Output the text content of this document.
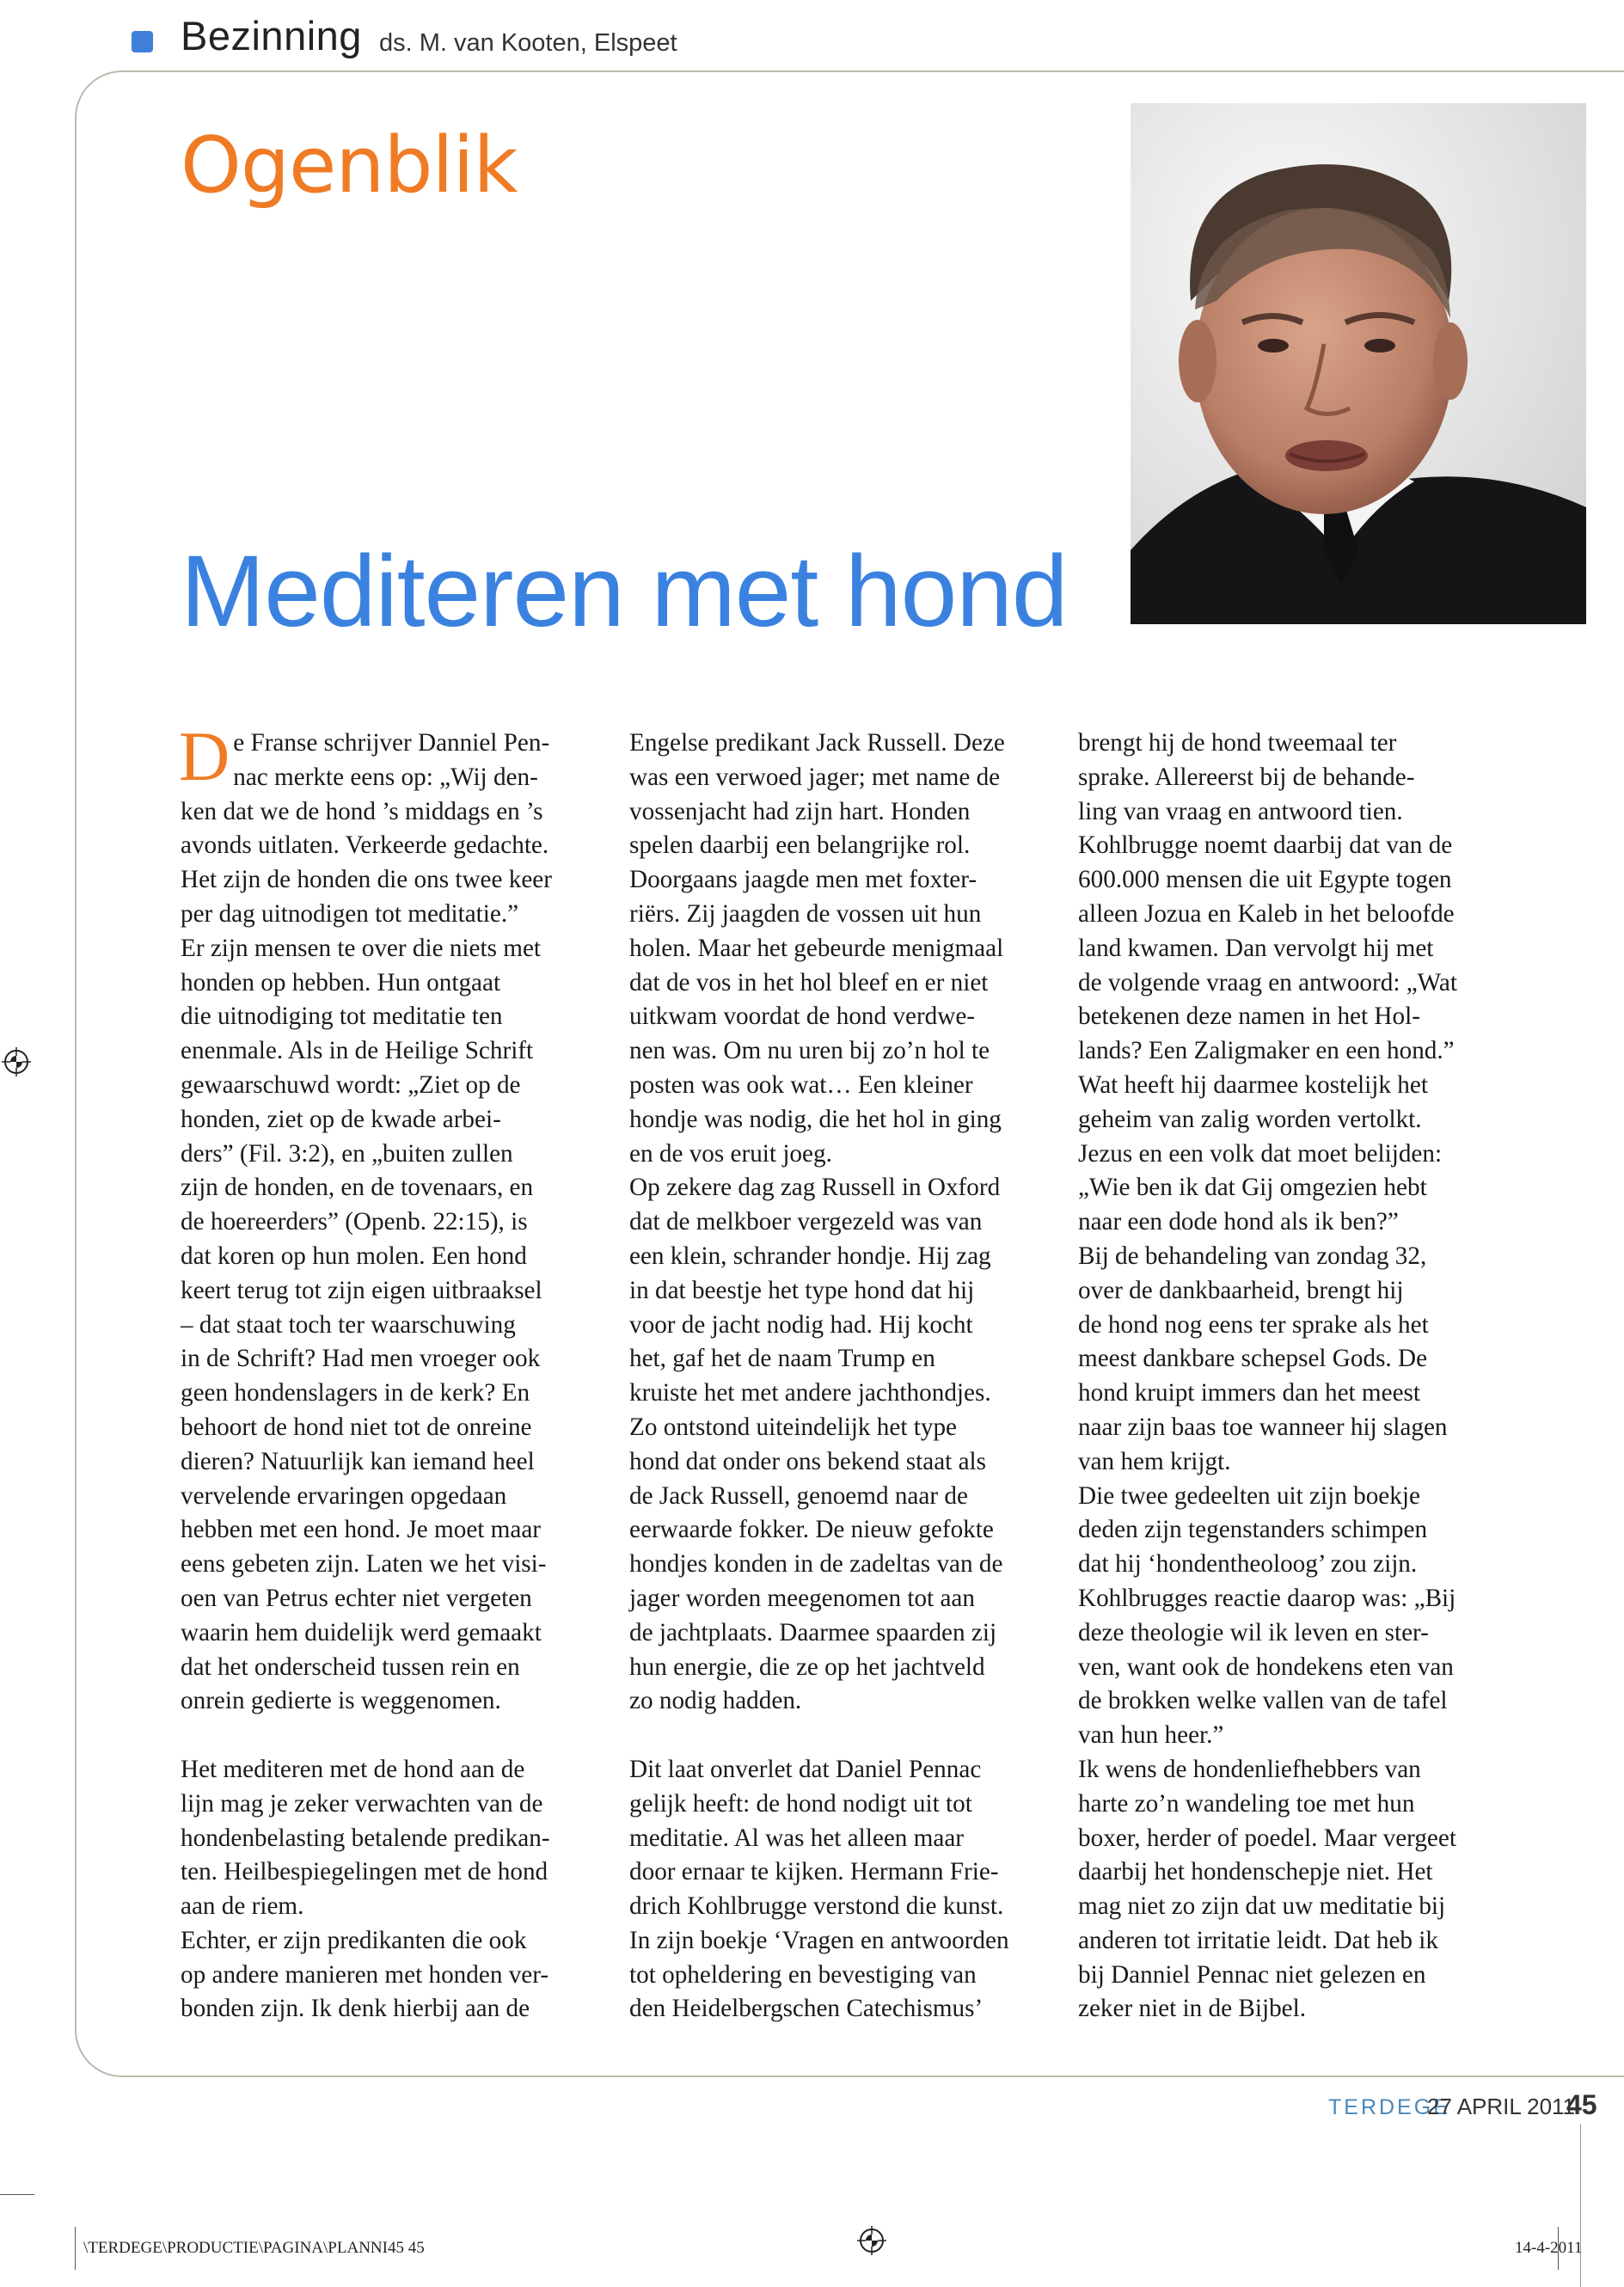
Bezinning ds. M. van Kooten, Elspeet
Ogenblik
Mediteren met hond
D e Franse schrijver Danniel Pen-
nac merkte eens op: „Wij den-
ken dat we de hond ’s middags en ’s
avonds uitlaten. Verkeerde gedachte.
Het zijn de honden die ons twee keer
per dag uitnodigen tot meditatie.”
Er zijn mensen te over die niets met
honden op hebben. Hun ontgaat
die uitnodiging tot meditatie ten
enenmale. Als in de Heilige Schrift
gewaarschuwd wordt: „Ziet op de
honden, ziet op de kwade arbei-
ders” (Fil. 3:2), en „buiten zullen
zijn de honden, en de tovenaars, en
de hoereerders” (Openb. 22:15), is
dat koren op hun molen. Een hond
keert terug tot zijn eigen uitbraaksel
– dat staat toch ter waarschuwing
in de Schrift? Had men vroeger ook
geen hondenslagers in de kerk? En
behoort de hond niet tot de onreine
dieren? Natuurlijk kan iemand heel
vervelende ervaringen opgedaan
hebben met een hond. Je moet maar
eens gebeten zijn. Laten we het visi-
oen van Petrus echter niet vergeten
waarin hem duidelijk werd gemaakt
dat het onderscheid tussen rein en
onrein gedierte is weggenomen.
Het mediteren met de hond aan de
lijn mag je zeker verwachten van de
hondenbelasting betalende predikan-
ten. Heilbespiegelingen met de hond
aan de riem.
Echter, er zijn predikanten die ook
op andere manieren met honden ver-
bonden zijn. Ik denk hierbij aan de
Engelse predikant Jack Russell. Deze
was een verwoed jager; met name de
vossenjacht had zijn hart. Honden
spelen daarbij een belangrijke rol.
Doorgaans jaagde men met foxter-
riërs. Zij jaagden de vossen uit hun
holen. Maar het gebeurde menigmaal
dat de vos in het hol bleef en er niet
uitkwam voordat de hond verdwe-
nen was. Om nu uren bij zo’n hol te
posten was ook wat… Een kleiner
hondje was nodig, die het hol in ging
en de vos eruit joeg.
Op zekere dag zag Russell in Oxford
dat de melkboer vergezeld was van
een klein, schrander hondje. Hij zag
in dat beestje het type hond dat hij
voor de jacht nodig had. Hij kocht
het, gaf het de naam Trump en
kruiste het met andere jachthondjes.
Zo ontstond uiteindelijk het type
hond dat onder ons bekend staat als
de Jack Russell, genoemd naar de
eerwaarde fokker. De nieuw gefokte
hondjes konden in de zadeltas van de
jager worden meegenomen tot aan
de jachtplaats. Daarmee spaarden zij
hun energie, die ze op het jachtveld
zo nodig hadden.
Dit laat onverlet dat Daniel Pennac
gelijk heeft: de hond nodigt uit tot
meditatie. Al was het alleen maar
door ernaar te kijken. Hermann Frie-
drich Kohlbrugge verstond die kunst.
In zijn boekje ‘Vragen en antwoorden
tot opheldering en bevestiging van
den Heidelbergschen Catechismus’
brengt hij de hond tweemaal ter
sprake. Allereerst bij de behande-
ling van vraag en antwoord tien.
Kohlbrugge noemt daarbij dat van de
600.000 mensen die uit Egypte togen
alleen Jozua en Kaleb in het beloofde
land kwamen. Dan vervolgt hij met
de volgende vraag en antwoord: „Wat
betekenen deze namen in het Hol-
lands? Een Zaligmaker en een hond.”
Wat heeft hij daarmee kostelijk het
geheim van zalig worden vertolkt.
Jezus en een volk dat moet belijden:
„Wie ben ik dat Gij omgezien hebt
naar een dode hond als ik ben?”
Bij de behandeling van zondag 32,
over de dankbaarheid, brengt hij
de hond nog eens ter sprake als het
meest dankbare schepsel Gods. De
hond kruipt immers dan het meest
naar zijn baas toe wanneer hij slagen
van hem krijgt.
Die twee gedeelten uit zijn boekje
deden zijn tegenstanders schimpen
dat hij ‘hondentheoloog’ zou zijn.
Kohlbrugges reactie daarop was: „Bij
deze theologie wil ik leven en ster-
ven, want ook de hondekens eten van
de brokken welke vallen van de tafel
van hun heer.”
Ik wens de hondenliefhebbers van
harte zo’n wandeling toe met hun
boxer, herder of poedel. Maar vergeet
daarbij het hondenschepje niet. Het
mag niet zo zijn dat uw meditatie bij
anderen tot irritatie leidt. Dat heb ik
bij Danniel Pennac niet gelezen en
zeker niet in de Bijbel.
TERDEGE
27 APRIL 2011
45
\TERDEGE\PRODUCTIE\PAGINA\PLANNI45 45	14-4-2011
